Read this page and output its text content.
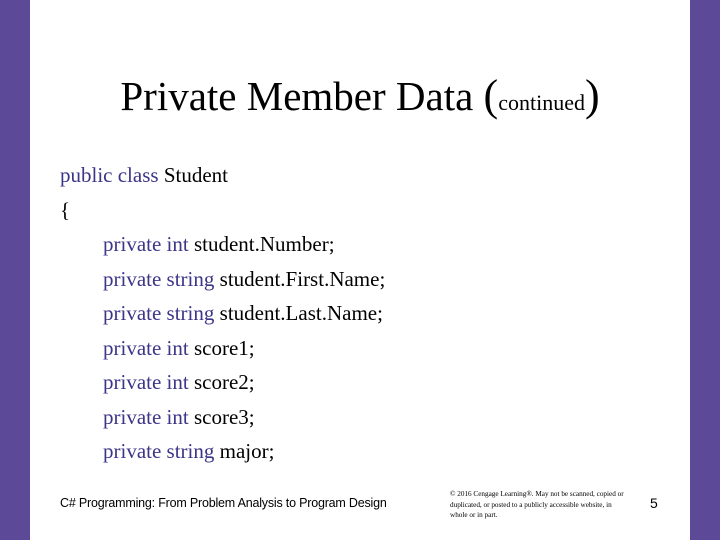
Private Member Data (continued)
public class Student
{
private int student.Number;
private string student.First.Name;
private string student.Last.Name;
private int score1;
private int score2;
private int score3;
private string major;
C# Programming: From Problem Analysis to Program Design
© 2016 Cengage Learning®. May not be scanned, copied or duplicated, or posted to a publicly accessible website, in whole or in part.
5
